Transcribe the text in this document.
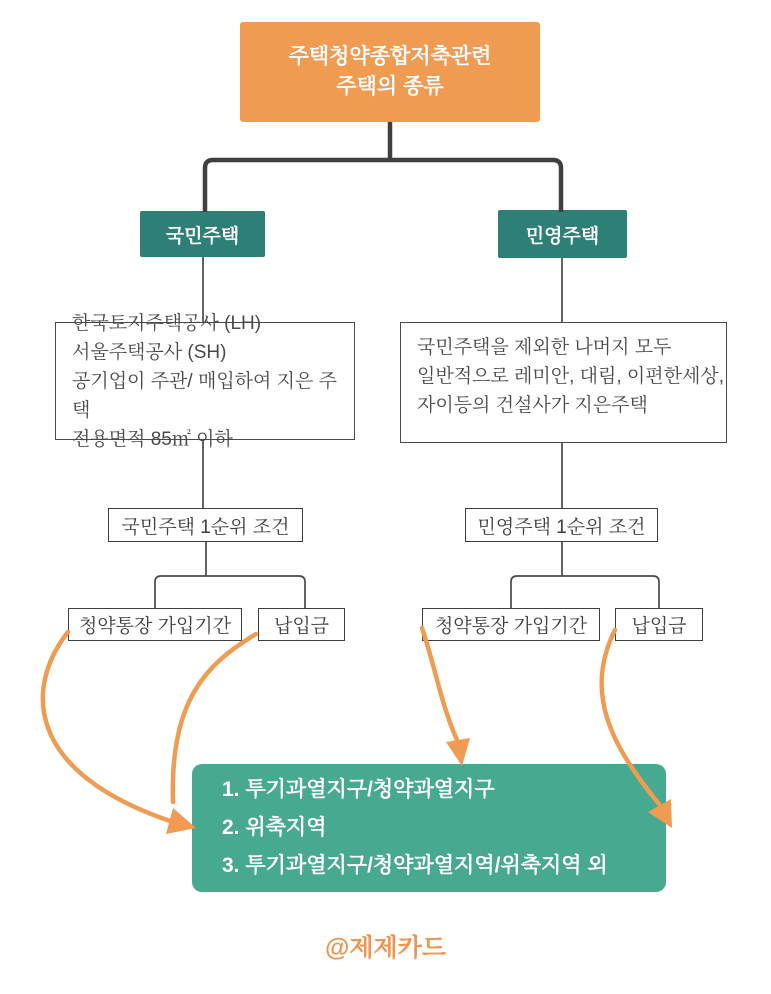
주택청약종합저축관련
주택의 종류
국민주택	민영주택
한국토지주택공사 (LH)
서울주택공사 (SH)
공기업이 주관/ 매입하여 지은 주택
전용면적 85㎡ 이하
국민주택을 제외한 나머지 모두
일반적으로 레미안, 대림, 이편한세상,
자이등의 건설사가 지은주택
국민주택 1순위 조건	민영주택 1순위 조건
청약통장 가입기간 납입금	청약통장 가입기간 납입금
1. 투기과열지구/청약과열지구
2. 위축지역
3. 투기과열지구/청약과열지역/위축지역 외
@제제카드
